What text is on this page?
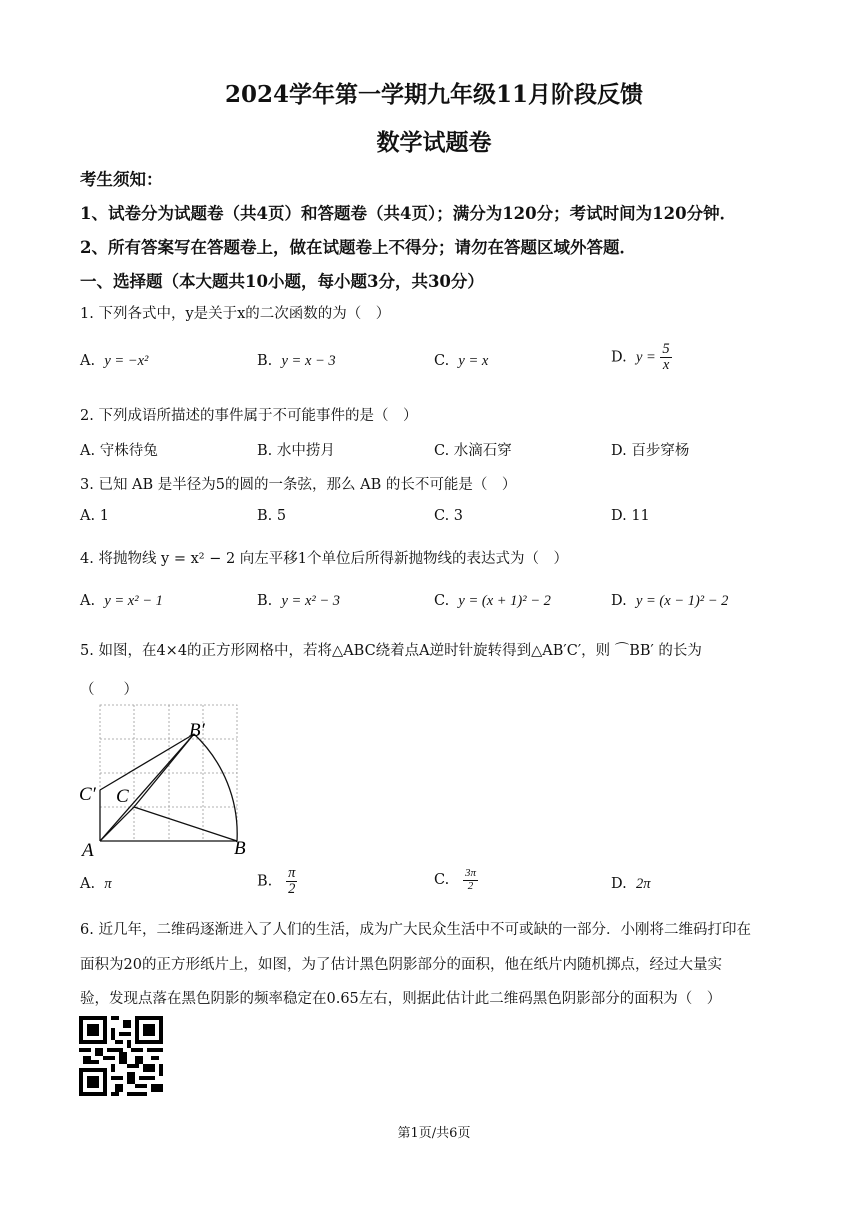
2024学年第一学期九年级11月阶段反馈
数学试题卷
考生须知：
1、试卷分为试题卷（共4页）和答题卷（共4页）；满分为120分；考试时间为120分钟．
2、所有答案写在答题卷上，做在试题卷上不得分；请勿在答题区域外答题．
一、选择题（本大题共10小题，每小题3分，共30分）
1. 下列各式中，y是关于x的二次函数的为（　）
A. y = −x²	B. y = x − 3	C. y = x	D. $y = \frac{5}{x}$
2. 下列成语所描述的事件属于不可能事件的是（　）
A. 守株待兔	B. 水中捞月	C. 水滴石穿	D. 百步穿杨
3. 已知 AB 是半径为5的圆的一条弦，那么 AB 的长不可能是（　）
A. 1	B. 5	C. 3	D. 11
4. 将抛物线 y = x² − 2 向左平移1个单位后所得新抛物线的表达式为（　）
A. y = x² − 1	B. y = x² − 3	C. y = (x + 1)² − 2	D. y = (x − 1)² − 2
5. 如图，在4×4的正方形网格中，若将△ABC绕着点A逆时针旋转得到△AB′C′，则 ⌒BB′ 的长为
（　　）
A	B
C
B′
C′
A. π	B. $\frac{\pi}{2}$	C. $\frac{3\pi}{2}$	D. 2π
6. 近几年，二维码逐渐进入了人们的生活，成为广大民众生活中不可或缺的一部分．小刚将二维码打印在
面积为20的正方形纸片上，如图，为了估计黑色阴影部分的面积，他在纸片内随机掷点，经过大量实
验，发现点落在黑色阴影的频率稳定在0.65左右，则据此估计此二维码黑色阴影部分的面积为（　）
第1页/共6页
